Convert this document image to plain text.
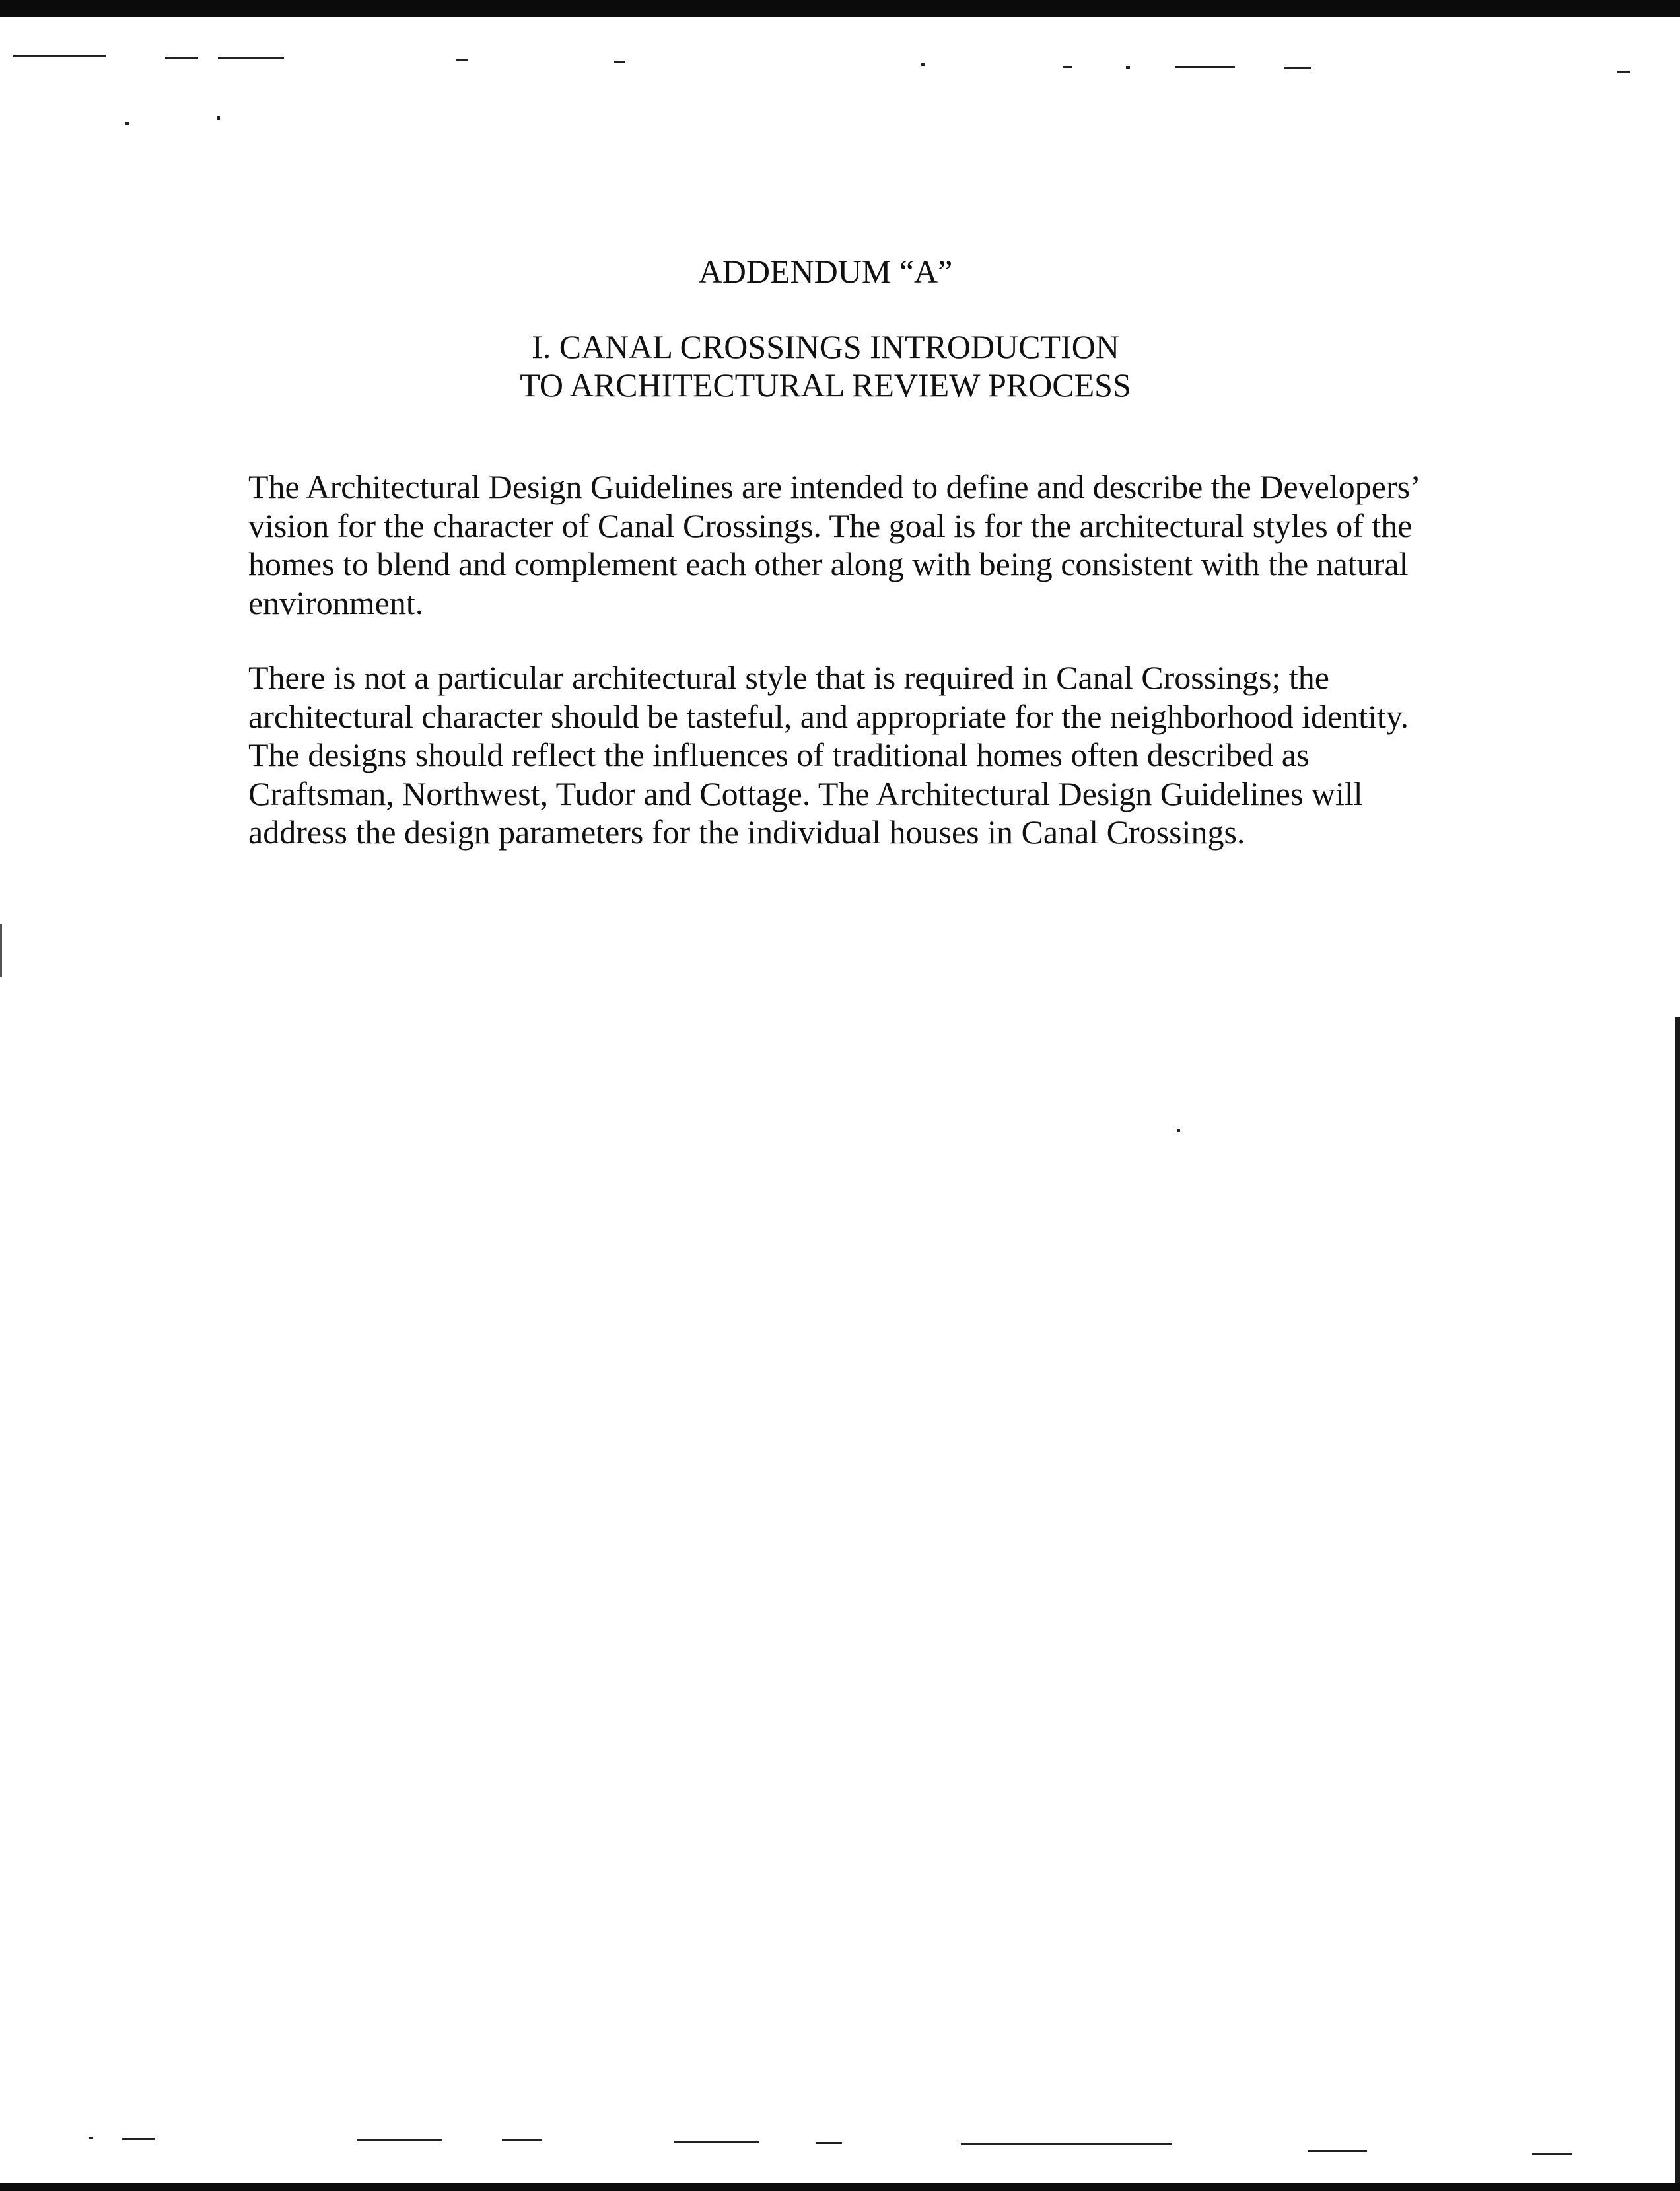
ADDENDUM “A”
I. CANAL CROSSINGS INTRODUCTION
TO ARCHITECTURAL REVIEW PROCESS

The Architectural Design Guidelines are intended to define and describe the Developers’
vision for the character of Canal Crossings. The goal is for the architectural styles of the
homes to blend and complement each other along with being consistent with the natural
environment.

There is not a particular architectural style that is required in Canal Crossings; the
architectural character should be tasteful, and appropriate for the neighborhood identity.
The designs should reflect the influences of traditional homes often described as
Craftsman, Northwest, Tudor and Cottage. The Architectural Design Guidelines will
address the design parameters for the individual houses in Canal Crossings.
